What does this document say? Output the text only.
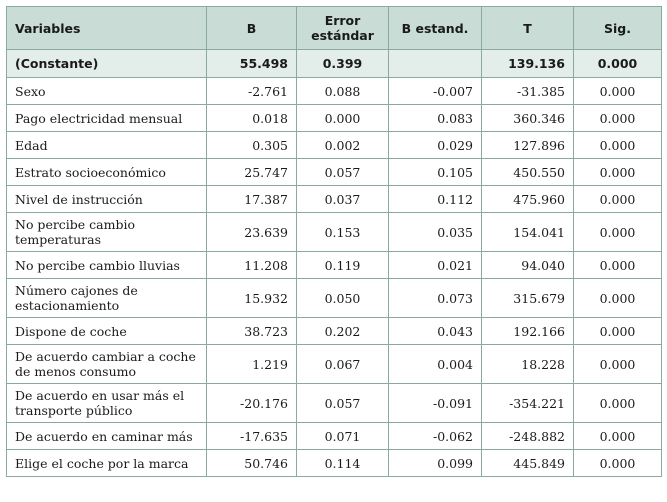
Variables	B	Error estándar	B estand.	T	Sig.
(Constante)	55.498	0.399		139.136	0.000
Sexo	-2.761	0.088	-0.007	-31.385	0.000
Pago electricidad mensual	0.018	0.000	0.083	360.346	0.000
Edad	0.305	0.002	0.029	127.896	0.000
Estrato socioeconómico	25.747	0.057	0.105	450.550	0.000
Nivel de instrucción	17.387	0.037	0.112	475.960	0.000
No percibe cambio temperaturas	23.639	0.153	0.035	154.041	0.000
No percibe cambio lluvias	11.208	0.119	0.021	94.040	0.000
Número cajones de estacionamiento	15.932	0.050	0.073	315.679	0.000
Dispone de coche	38.723	0.202	0.043	192.166	0.000
De acuerdo cambiar a coche de menos consumo	1.219	0.067	0.004	18.228	0.000
De acuerdo en usar más el transporte público	-20.176	0.057	-0.091	-354.221	0.000
De acuerdo en caminar más	-17.635	0.071	-0.062	-248.882	0.000
Elige el coche por la marca	50.746	0.114	0.099	445.849	0.000
